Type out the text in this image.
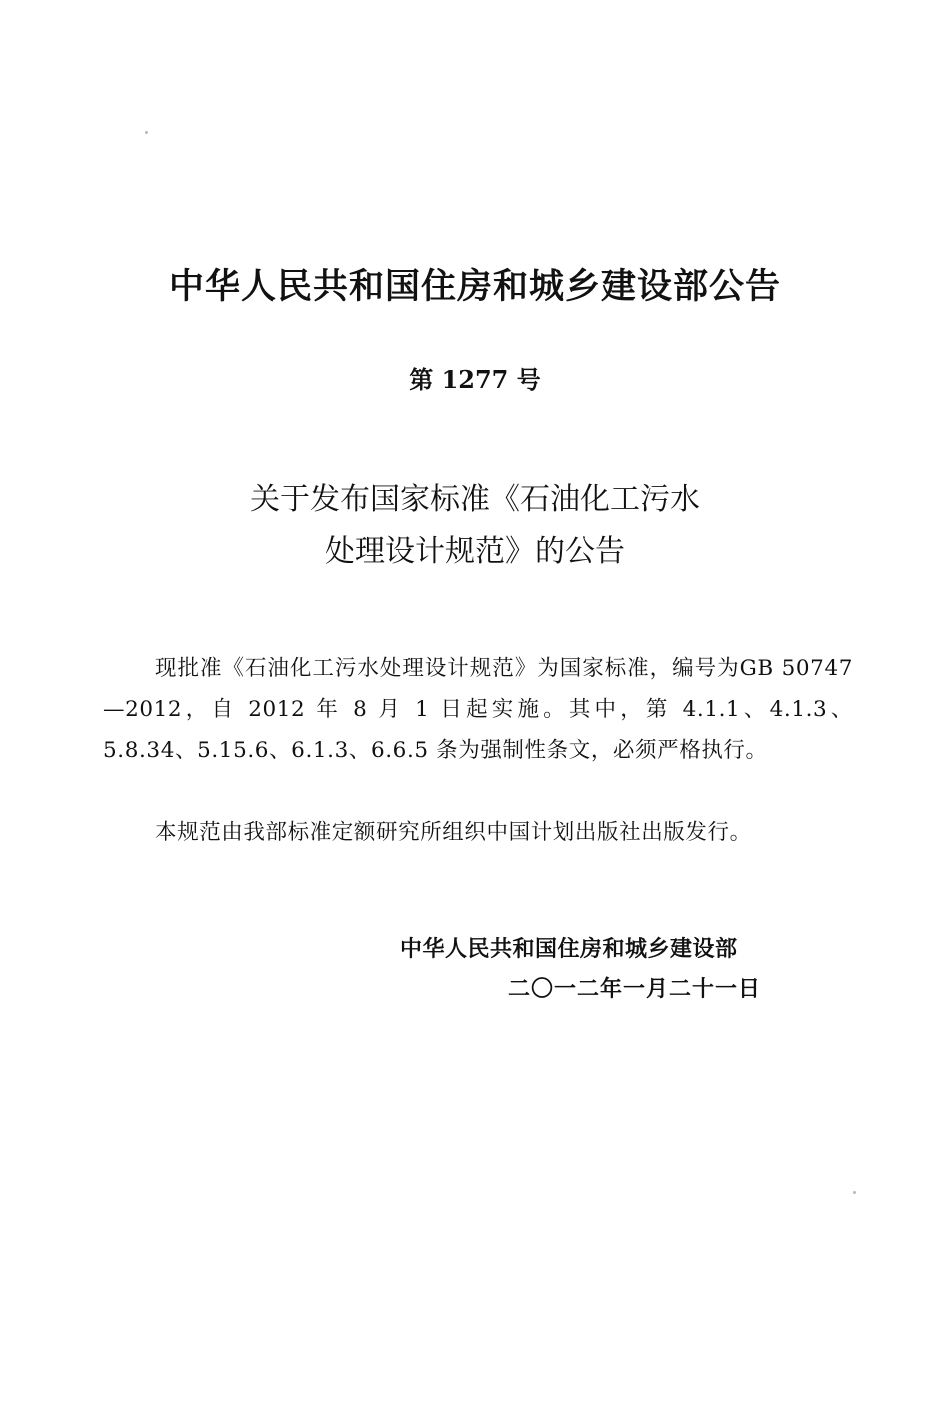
中华人民共和国住房和城乡建设部公告
第 1277 号
关于发布国家标准《石油化工污水
处理设计规范》的公告
现批准《石油化工污水处理设计规范》为国家标准，编号为GB 50747—2012，自 2012 年 8 月 1 日起实施。其中，第 4.1.1、4.1.3、5.8.34、5.15.6、6.1.3、6.6.5 条为强制性条文，必须严格执行。
本规范由我部标准定额研究所组织中国计划出版社出版发行。
中华人民共和国住房和城乡建设部
二〇一二年一月二十一日
